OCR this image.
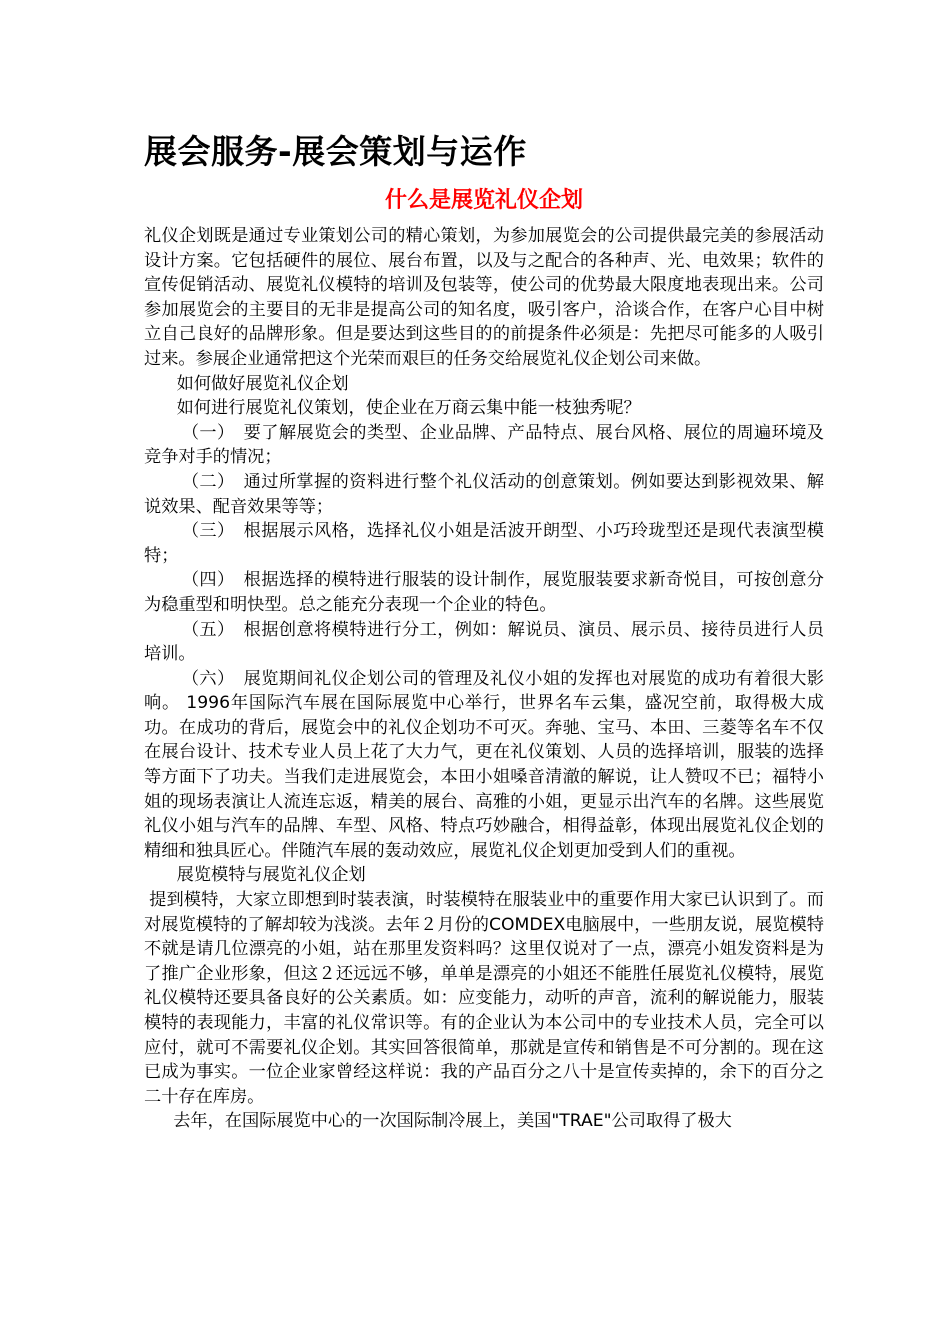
展会服务-展会策划与运作
什么是展览礼仪企划

礼仪企划既是通过专业策划公司的精心策划，为参加展览会的公司提供最完美的参展活动设计方案。它包括硬件的展位、展台布置，以及与之配合的各种声、光、电效果；软件的宣传促销活动、展览礼仪模特的培训及包装等，使公司的优势最大限度地表现出来。公司参加展览会的主要目的无非是提高公司的知名度，吸引客户，洽谈合作，在客户心目中树立自己良好的品牌形象。但是要达到这些目的的前提条件必须是：先把尽可能多的人吸引过来。参展企业通常把这个光荣而艰巨的任务交给展览礼仪企划公司来做。

如何做好展览礼仪企划

如何进行展览礼仪策划，使企业在万商云集中能一枝独秀呢？

（一）　要了解展览会的类型、企业品牌、产品特点、展台风格、展位的周遍环境及竞争对手的情况；

（二）　通过所掌握的资料进行整个礼仪活动的创意策划。例如要达到影视效果、解说效果、配音效果等等；

（三）　根据展示风格，选择礼仪小姐是活波开朗型、小巧玲珑型还是现代表演型模特；

（四）　根据选择的模特进行服装的设计制作，展览服装要求新奇悦目，可按创意分为稳重型和明快型。总之能充分表现一个企业的特色。

（五）　根据创意将模特进行分工，例如：解说员、演员、展示员、接待员进行人员培训。

（六）　展览期间礼仪企划公司的管理及礼仪小姐的发挥也对展览的成功有着很大影响。 1996年国际汽车展在国际展览中心举行，世界名车云集，盛况空前，取得极大成功。在成功的背后，展览会中的礼仪企划功不可灭。奔驰、宝马、本田、三菱等名车不仅在展台设计、技术专业人员上花了大力气，更在礼仪策划、人员的选择培训，服装的选择等方面下了功夫。当我们走进展览会，本田小姐嗓音清澈的解说，让人赞叹不已；福特小姐的现场表演让人流连忘返，精美的展台、高雅的小姐，更显示出汽车的名牌。这些展览礼仪小姐与汽车的品牌、车型、风格、特点巧妙融合，相得益彰，体现出展览礼仪企划的精细和独具匠心。伴随汽车展的轰动效应，展览礼仪企划更加受到人们的重视。

展览模特与展览礼仪企划

提到模特，大家立即想到时装表演，时装模特在服装业中的重要作用大家已认识到了。而对展览模特的了解却较为浅淡。去年２月份的COMDEX电脑展中，一些朋友说，展览模特不就是请几位漂亮的小姐，站在那里发资料吗？这里仅说对了一点，漂亮小姐发资料是为了推广企业形象，但这２还远远不够，单单是漂亮的小姐还不能胜任展览礼仪模特，展览礼仪模特还要具备良好的公关素质。如：应变能力，动听的声音，流利的解说能力，服装模特的表现能力，丰富的礼仪常识等。有的企业认为本公司中的专业技术人员，完全可以应付，就可不需要礼仪企划。其实回答很简单，那就是宣传和销售是不可分割的。现在这已成为事实。一位企业家曾经这样说：我的产品百分之八十是宣传卖掉的，余下的百分之二十存在库房。

去年，在国际展览中心的一次国际制冷展上，美国"TRAE"公司取得了极大
